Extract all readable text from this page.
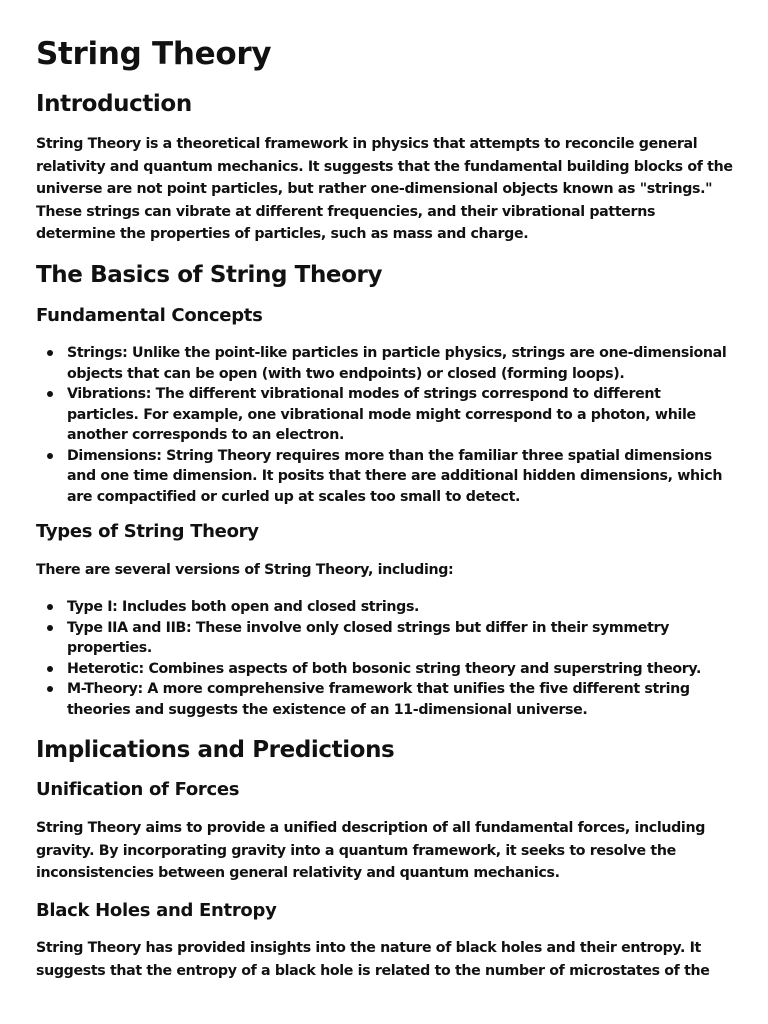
String Theory
Introduction

String Theory is a theoretical framework in physics that attempts to reconcile general relativity and quantum mechanics. It suggests that the fundamental building blocks of the universe are not point particles, but rather one-dimensional objects known as "strings." These strings can vibrate at different frequencies, and their vibrational patterns determine the properties of particles, such as mass and charge.

The Basics of String Theory
Fundamental Concepts
Strings: Unlike the point-like particles in particle physics, strings are one-dimensional objects that can be open (with two endpoints) or closed (forming loops).
Vibrations: The different vibrational modes of strings correspond to different particles. For example, one vibrational mode might correspond to a photon, while another corresponds to an electron.
Dimensions: String Theory requires more than the familiar three spatial dimensions and one time dimension. It posits that there are additional hidden dimensions, which are compactified or curled up at scales too small to detect.
Types of String Theory

There are several versions of String Theory, including:

Type I: Includes both open and closed strings.
Type IIA and IIB: These involve only closed strings but differ in their symmetry properties.
Heterotic: Combines aspects of both bosonic string theory and superstring theory.
M-Theory: A more comprehensive framework that unifies the five different string theories and suggests the existence of an 11-dimensional universe.
Implications and Predictions
Unification of Forces

String Theory aims to provide a unified description of all fundamental forces, including gravity. By incorporating gravity into a quantum framework, it seeks to resolve the inconsistencies between general relativity and quantum mechanics.

Black Holes and Entropy

String Theory has provided insights into the nature of black holes and their entropy. It suggests that the entropy of a black hole is related to the number of microstates of the
